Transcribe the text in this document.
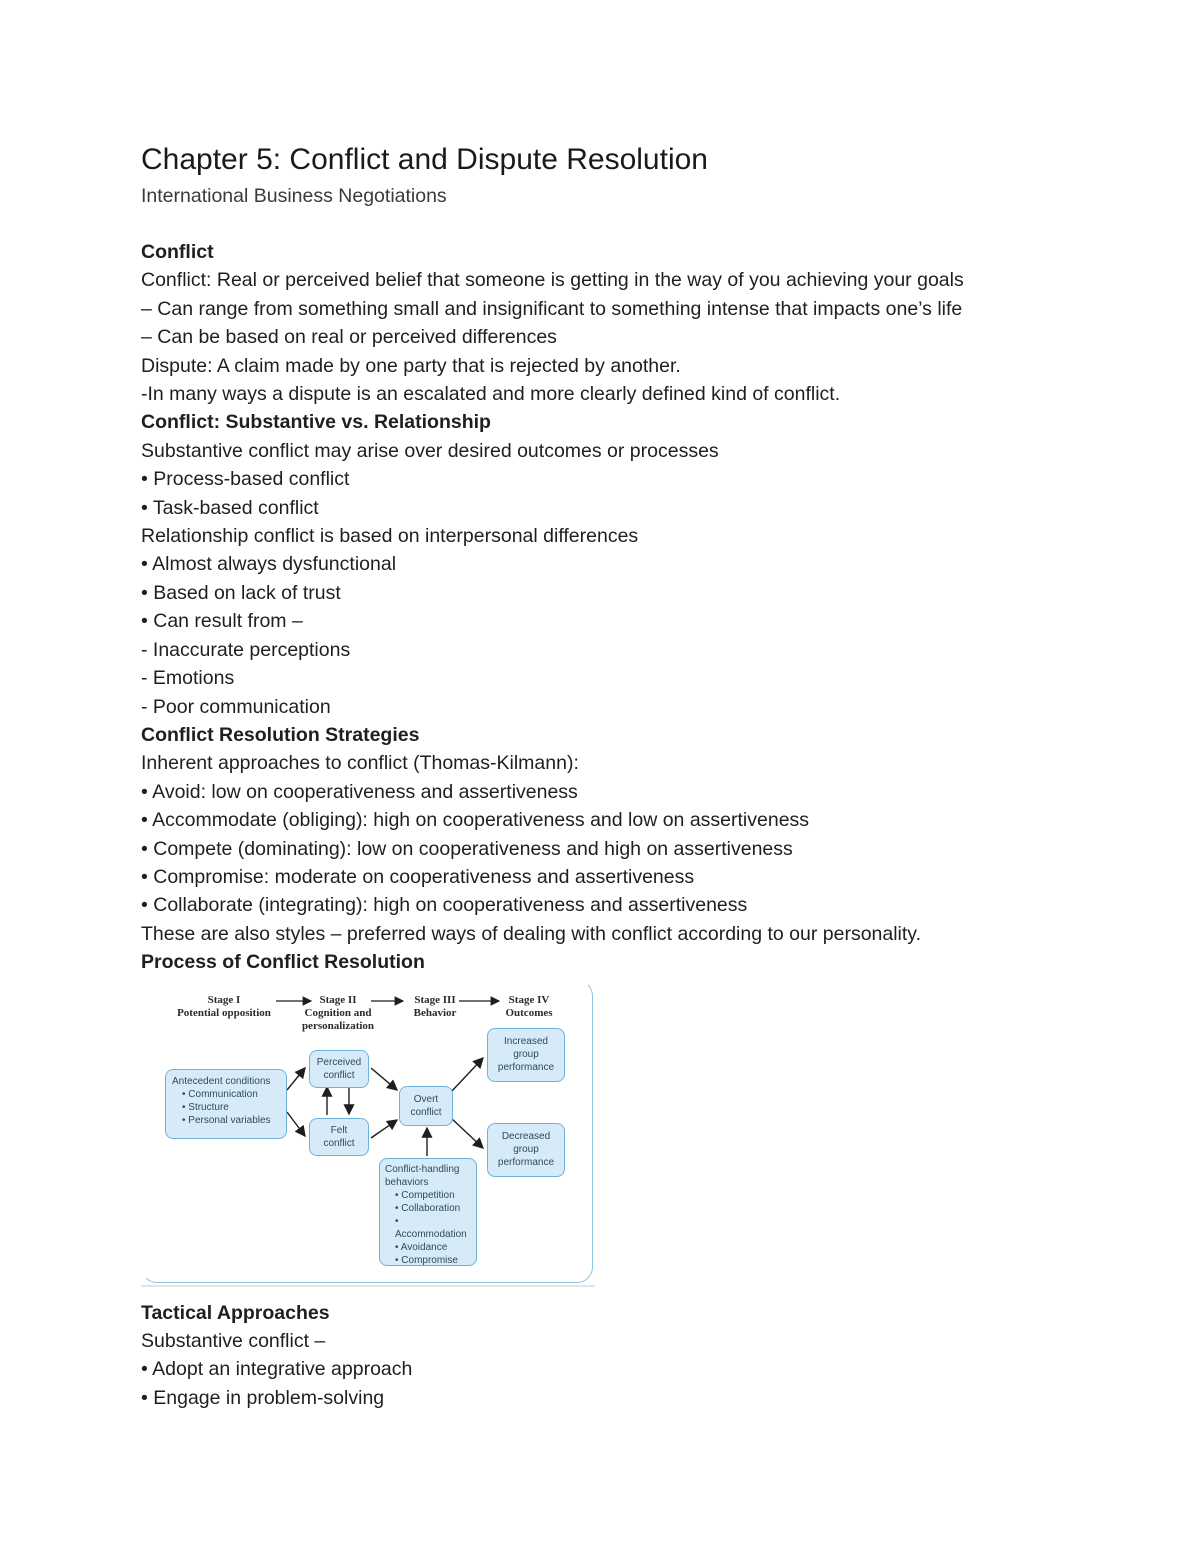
Chapter 5: Conflict and Dispute Resolution
International Business Negotiations
Conflict
Conflict: Real or perceived belief that someone is getting in the way of you achieving your goals
– Can range from something small and insignificant to something intense that impacts one’s life
– Can be based on real or perceived differences
Dispute: A claim made by one party that is rejected by another.
-In many ways a dispute is an escalated and more clearly defined kind of conflict.
Conflict: Substantive vs. Relationship
Substantive conflict may arise over desired outcomes or processes
• Process-based conflict
• Task-based conflict
Relationship conflict is based on interpersonal differences
• Almost always dysfunctional
• Based on lack of trust
• Can result from –
- Inaccurate perceptions
- Emotions
- Poor communication
Conflict Resolution Strategies
Inherent approaches to conflict (Thomas-Kilmann):
• Avoid: low on cooperativeness and assertiveness
• Accommodate (obliging): high on cooperativeness and low on assertiveness
• Compete (dominating): low on cooperativeness and high on assertiveness
• Compromise: moderate on cooperativeness and assertiveness
• Collaborate (integrating): high on cooperativeness and assertiveness
These are also styles – preferred ways of dealing with conflict according to our personality.
Process of Conflict Resolution
Stage I
Potential opposition
Stage II
Cognition and personalization
Stage III
Behavior
Stage IV
Outcomes
Antecedent conditions
• Communication
• Structure
• Personal variables
Perceived conflict
Felt conflict
Overt conflict
Conflict-handling behaviors
• Competition
• Collaboration
• Accommodation
• Avoidance
• Compromise
Increased group performance
Decreased group performance
Tactical Approaches
Substantive conflict –
• Adopt an integrative approach
• Engage in problem-solving
